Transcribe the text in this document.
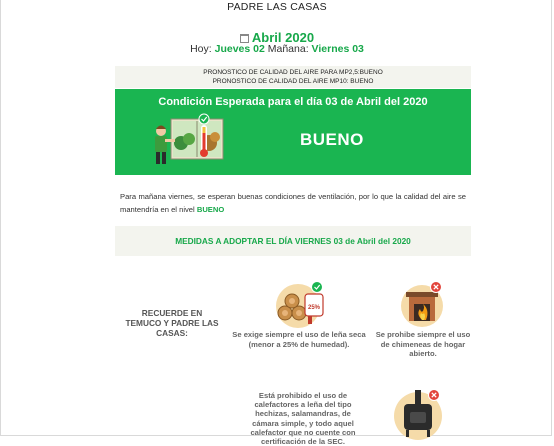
PADRE LAS CASAS
Abril 2020
Hoy: Jueves 02 Mañana: Viernes 03
PRONOSTICO DE CALIDAD DEL AIRE PARA MP2,5:BUENO
PRONOSTICO DE CALIDAD DEL AIRE MP10: BUENO
Condición Esperada para el día 03 de Abril del 2020
BUENO
Para mañana viernes, se esperan buenas condiciones de ventilación, por lo que la calidad del aire se mantendría en el nivel BUENO
MEDIDAS A ADOPTAR EL DÍA VIERNES 03 de Abril del 2020
RECUERDE EN TEMUCO Y PADRE LAS CASAS:
25%
Se exige siempre el uso de leña seca (menor a 25% de humedad).
Se prohibe siempre el uso de chimeneas de hogar abierto.
Está prohibido el uso de calefactores a leña del tipo hechizas, salamandras, de cámara simple, y todo aquel calefactor que no cuente con certificación de la SEC.
